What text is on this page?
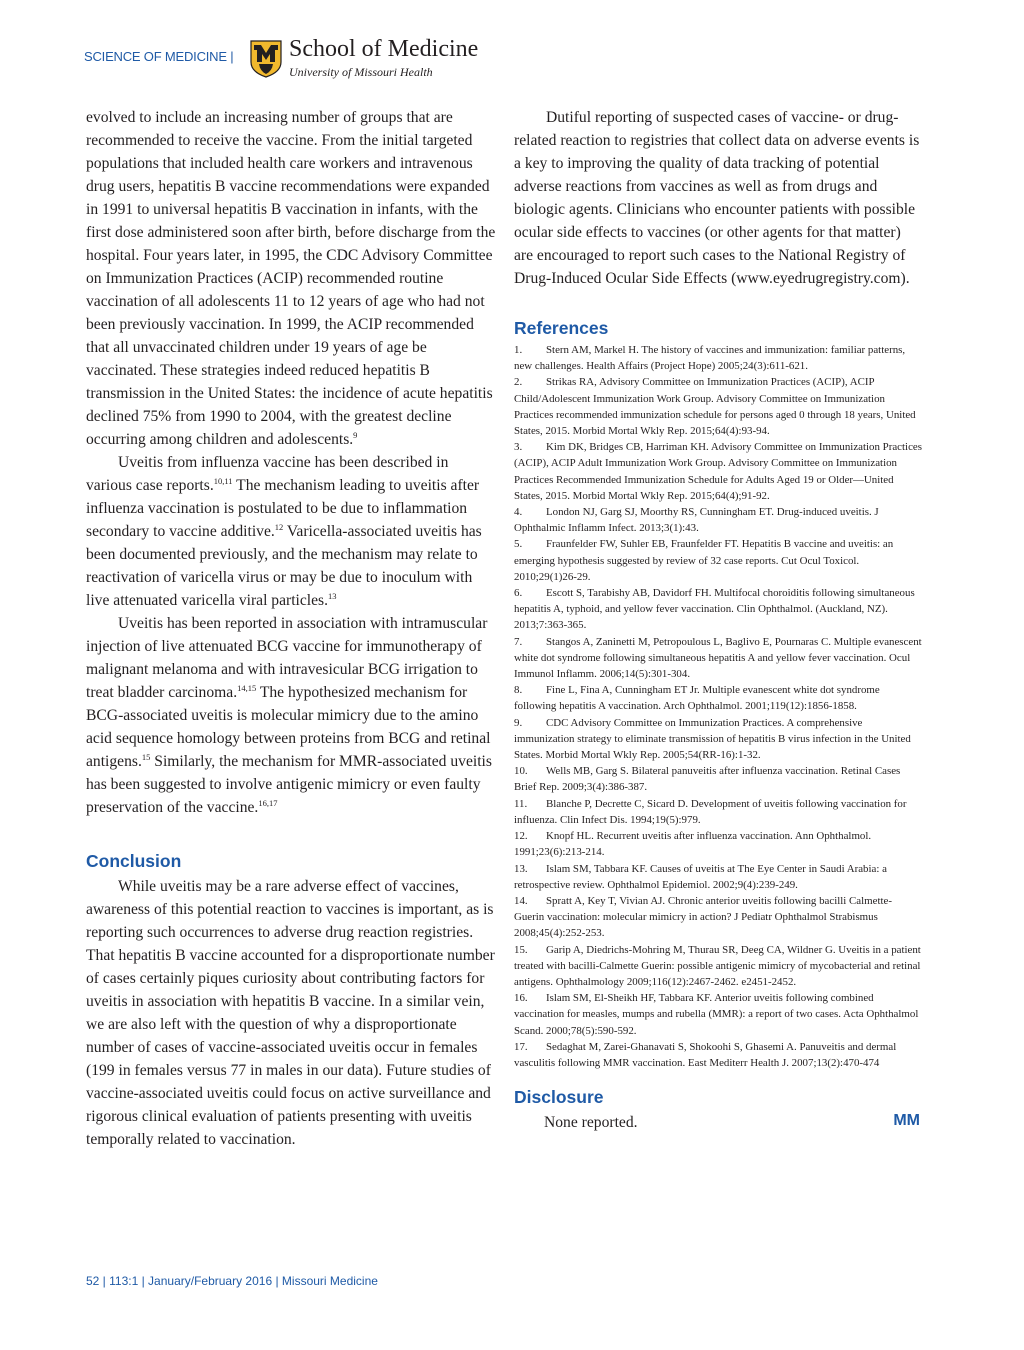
SCIENCE OF MEDICINE | School of Medicine
University of Missouri Health

evolved to include an increasing number of groups that are recommended to receive the vaccine. From the initial targeted populations that included health care workers and intravenous drug users, hepatitis B vaccine recommendations were expanded in 1991 to universal hepatitis B vaccination in infants, with the first dose administered soon after birth, before discharge from the hospital. Four years later, in 1995, the CDC Advisory Committee on Immunization Practices (ACIP) recommended routine vaccination of all adolescents 11 to 12 years of age who had not been previously vaccination. In 1999, the ACIP recommended that all unvaccinated children under 19 years of age be vaccinated. These strategies indeed reduced hepatitis B transmission in the United States: the incidence of acute hepatitis declined 75% from 1990 to 2004, with the greatest decline occurring among children and adolescents.$^9$

Uveitis from influenza vaccine has been described in various case reports.$^{10,11}$ The mechanism leading to uveitis after influenza vaccination is postulated to be due to inflammation secondary to vaccine additive.$^{12}$ Varicella-associated uveitis has been documented previously, and the mechanism may relate to reactivation of varicella virus or may be due to inoculum with live attenuated varicella viral particles.$^{13}$

Uveitis has been reported in association with intramuscular injection of live attenuated BCG vaccine for immunotherapy of malignant melanoma and with intravesicular BCG irrigation to treat bladder carcinoma.$^{14,15}$ The hypothesized mechanism for BCG-associated uveitis is molecular mimicry due to the amino acid sequence homology between proteins from BCG and retinal antigens.$^{15}$ Similarly, the mechanism for MMR-associated uveitis has been suggested to involve antigenic mimicry or even faulty preservation of the vaccine.$^{16,17}$

Conclusion

While uveitis may be a rare adverse effect of vaccines, awareness of this potential reaction to vaccines is important, as is reporting such occurrences to adverse drug reaction registries. That hepatitis B vaccine accounted for a disproportionate number of cases certainly piques curiosity about contributing factors for uveitis in association with hepatitis B vaccine. In a similar vein, we are also left with the question of why a disproportionate number of cases of vaccine-associated uveitis occur in females (199 in females versus 77 in males in our data). Future studies of vaccine-associated uveitis could focus on active surveillance and rigorous clinical evaluation of patients presenting with uveitis temporally related to vaccination.

Dutiful reporting of suspected cases of vaccine- or drug-related reaction to registries that collect data on adverse events is a key to improving the quality of data tracking of potential adverse reactions from vaccines as well as from drugs and biologic agents. Clinicians who encounter patients with possible ocular side effects to vaccines (or other agents for that matter) are encouraged to report such cases to the National Registry of Drug-Induced Ocular Side Effects (www.eyedrugregistry.com).

References
1. Stern AM, Markel H. The history of vaccines and immunization: familiar patterns, new challenges. Health Affairs (Project Hope) 2005;24(3):611-621.
2. Strikas RA, Advisory Committee on Immunization Practices (ACIP), ACIP Child/Adolescent Immunization Work Group. Advisory Committee on Immunization Practices recommended immunization schedule for persons aged 0 through 18 years, United States, 2015. Morbid Mortal Wkly Rep. 2015;64(4):93-94.
3. Kim DK, Bridges CB, Harriman KH. Advisory Committee on Immunization Practices (ACIP), ACIP Adult Immunization Work Group. Advisory Committee on Immunization Practices Recommended Immunization Schedule for Adults Aged 19 or Older—United States, 2015. Morbid Mortal Wkly Rep. 2015;64(4);91-92.
4. London NJ, Garg SJ, Moorthy RS, Cunningham ET. Drug-induced uveitis. J Ophthalmic Inflamm Infect. 2013;3(1):43.
5. Fraunfelder FW, Suhler EB, Fraunfelder FT. Hepatitis B vaccine and uveitis: an emerging hypothesis suggested by review of 32 case reports. Cut Ocul Toxicol. 2010;29(1)26-29.
6. Escott S, Tarabishy AB, Davidorf FH. Multifocal choroiditis following simultaneous hepatitis A, typhoid, and yellow fever vaccination. Clin Ophthalmol. (Auckland, NZ). 2013;7:363-365.
7. Stangos A, Zaninetti M, Petropoulous L, Baglivo E, Pournaras C. Multiple evanescent white dot syndrome following simultaneous hepatitis A and yellow fever vaccination. Ocul Immunol Inflamm. 2006;14(5):301-304.
8. Fine L, Fina A, Cunningham ET Jr. Multiple evanescent white dot syndrome following hepatitis A vaccination. Arch Ophthalmol. 2001;119(12):1856-1858.
9. CDC Advisory Committee on Immunization Practices. A comprehensive immunization strategy to eliminate transmission of hepatitis B virus infection in the United States. Morbid Mortal Wkly Rep. 2005;54(RR-16):1-32.
10. Wells MB, Garg S. Bilateral panuveitis after influenza vaccination. Retinal Cases Brief Rep. 2009;3(4):386-387.
11. Blanche P, Decrette C, Sicard D. Development of uveitis following vaccination for influenza. Clin Infect Dis. 1994;19(5):979.
12. Knopf HL. Recurrent uveitis after influenza vaccination. Ann Ophthalmol. 1991;23(6):213-214.
13. Islam SM, Tabbara KF. Causes of uveitis at The Eye Center in Saudi Arabia: a retrospective review. Ophthalmol Epidemiol. 2002;9(4):239-249.
14. Spratt A, Key T, Vivian AJ. Chronic anterior uveitis following bacilli Calmette-Guerin vaccination: molecular mimicry in action? J Pediatr Ophthalmol Strabismus 2008;45(4):252-253.
15. Garip A, Diedrichs-Mohring M, Thurau SR, Deeg CA, Wildner G. Uveitis in a patient treated with bacilli-Calmette Guerin: possible antigenic mimicry of mycobacterial and retinal antigens. Ophthalmology 2009;116(12):2467-2462. e2451-2452.
16. Islam SM, El-Sheikh HF, Tabbara KF. Anterior uveitis following combined vaccination for measles, mumps and rubella (MMR): a report of two cases. Acta Ophthalmol Scand. 2000;78(5):590-592.
17. Sedaghat M, Zarei-Ghanavati S, Shokoohi S, Ghasemi A. Panuveitis and dermal vasculitis following MMR vaccination. East Mediterr Health J. 2007;13(2):470-474
Disclosure
None reported.	MM
52 | 113:1 | January/February 2016 | Missouri Medicine
